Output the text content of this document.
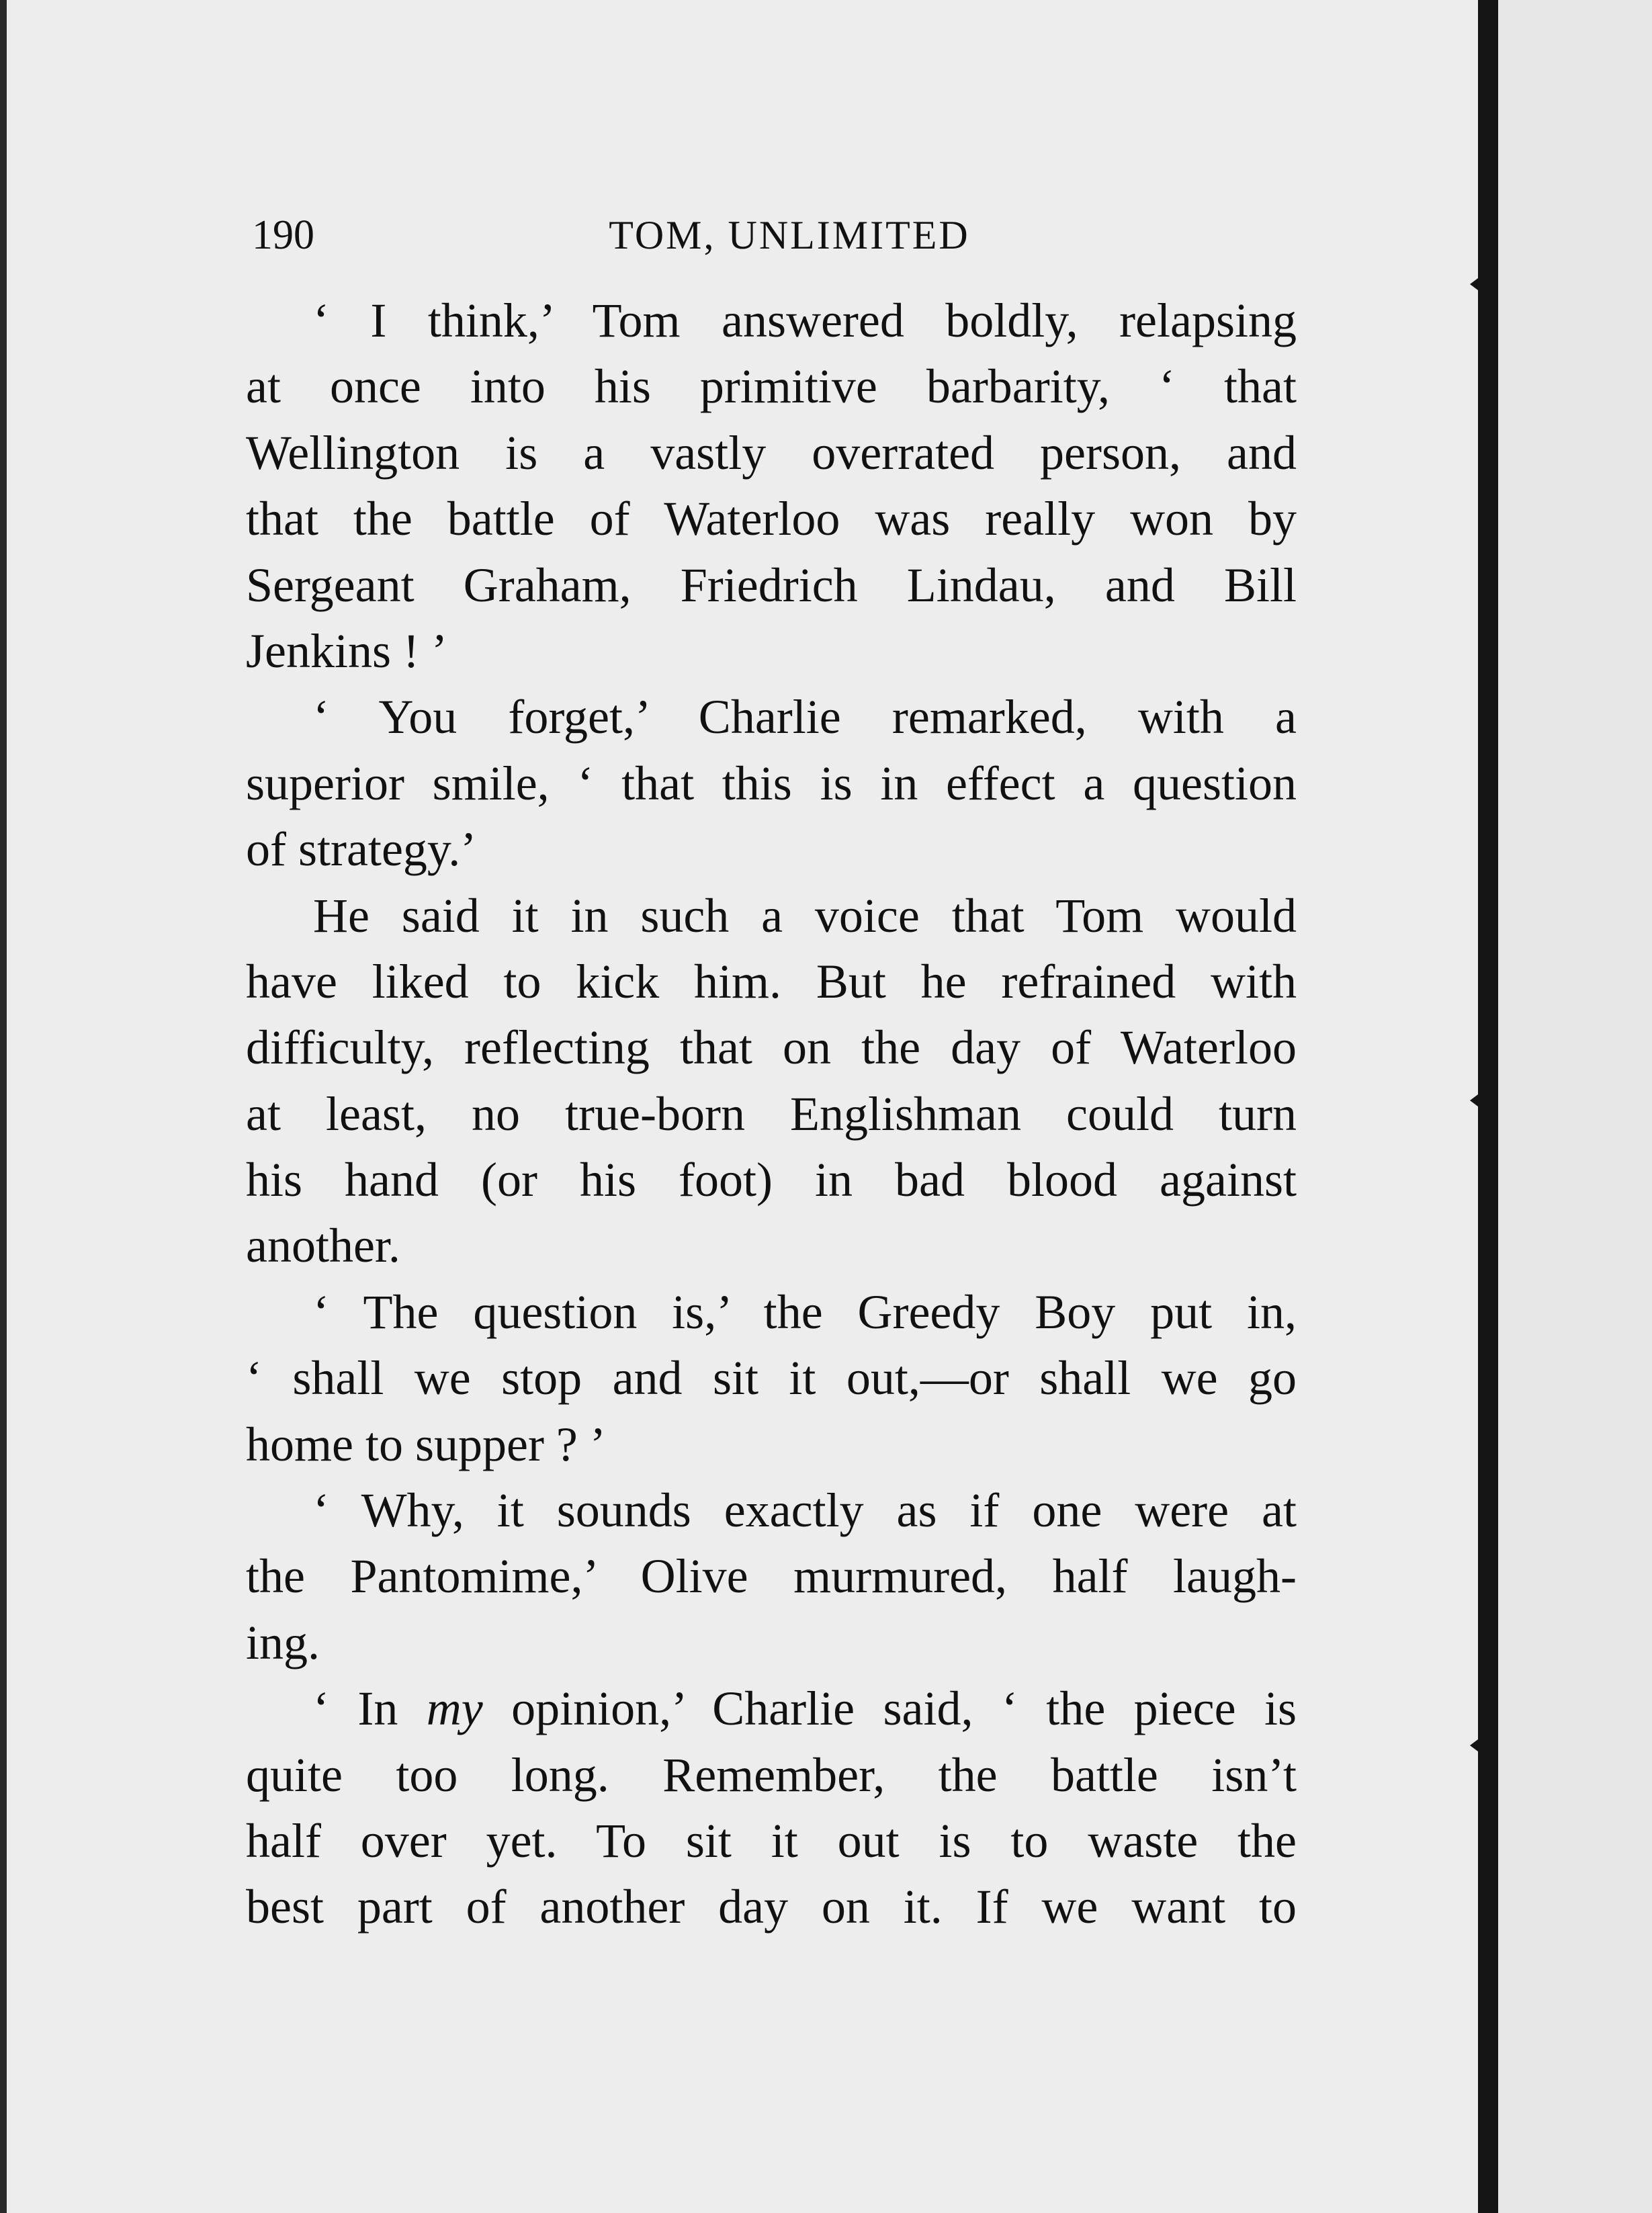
190	TOM, UNLIMITED
‘ I think,’ Tom answered boldly, relapsing
at once into his primitive barbarity, ‘ that
Wellington is a vastly overrated person, and
that the battle of Waterloo was really won by
Sergeant Graham, Friedrich Lindau, and Bill
Jenkins ! ’
‘ You forget,’ Charlie remarked, with a
superior smile, ‘ that this is in effect a question
of strategy.’
He said it in such a voice that Tom would
have liked to kick him. But he refrained with
difficulty, reflecting that on the day of Waterloo
at least, no true-born Englishman could turn
his hand (or his foot) in bad blood against
another.
‘ The question is,’ the Greedy Boy put in,
‘ shall we stop and sit it out,—or shall we go
home to supper ? ’
‘ Why, it sounds exactly as if one were at
the Pantomime,’ Olive murmured, half laugh-
ing.
‘ In my opinion,’ Charlie said, ‘ the piece is
quite too long. Remember, the battle isn’t
half over yet. To sit it out is to waste the
best part of another day on it. If we want to
